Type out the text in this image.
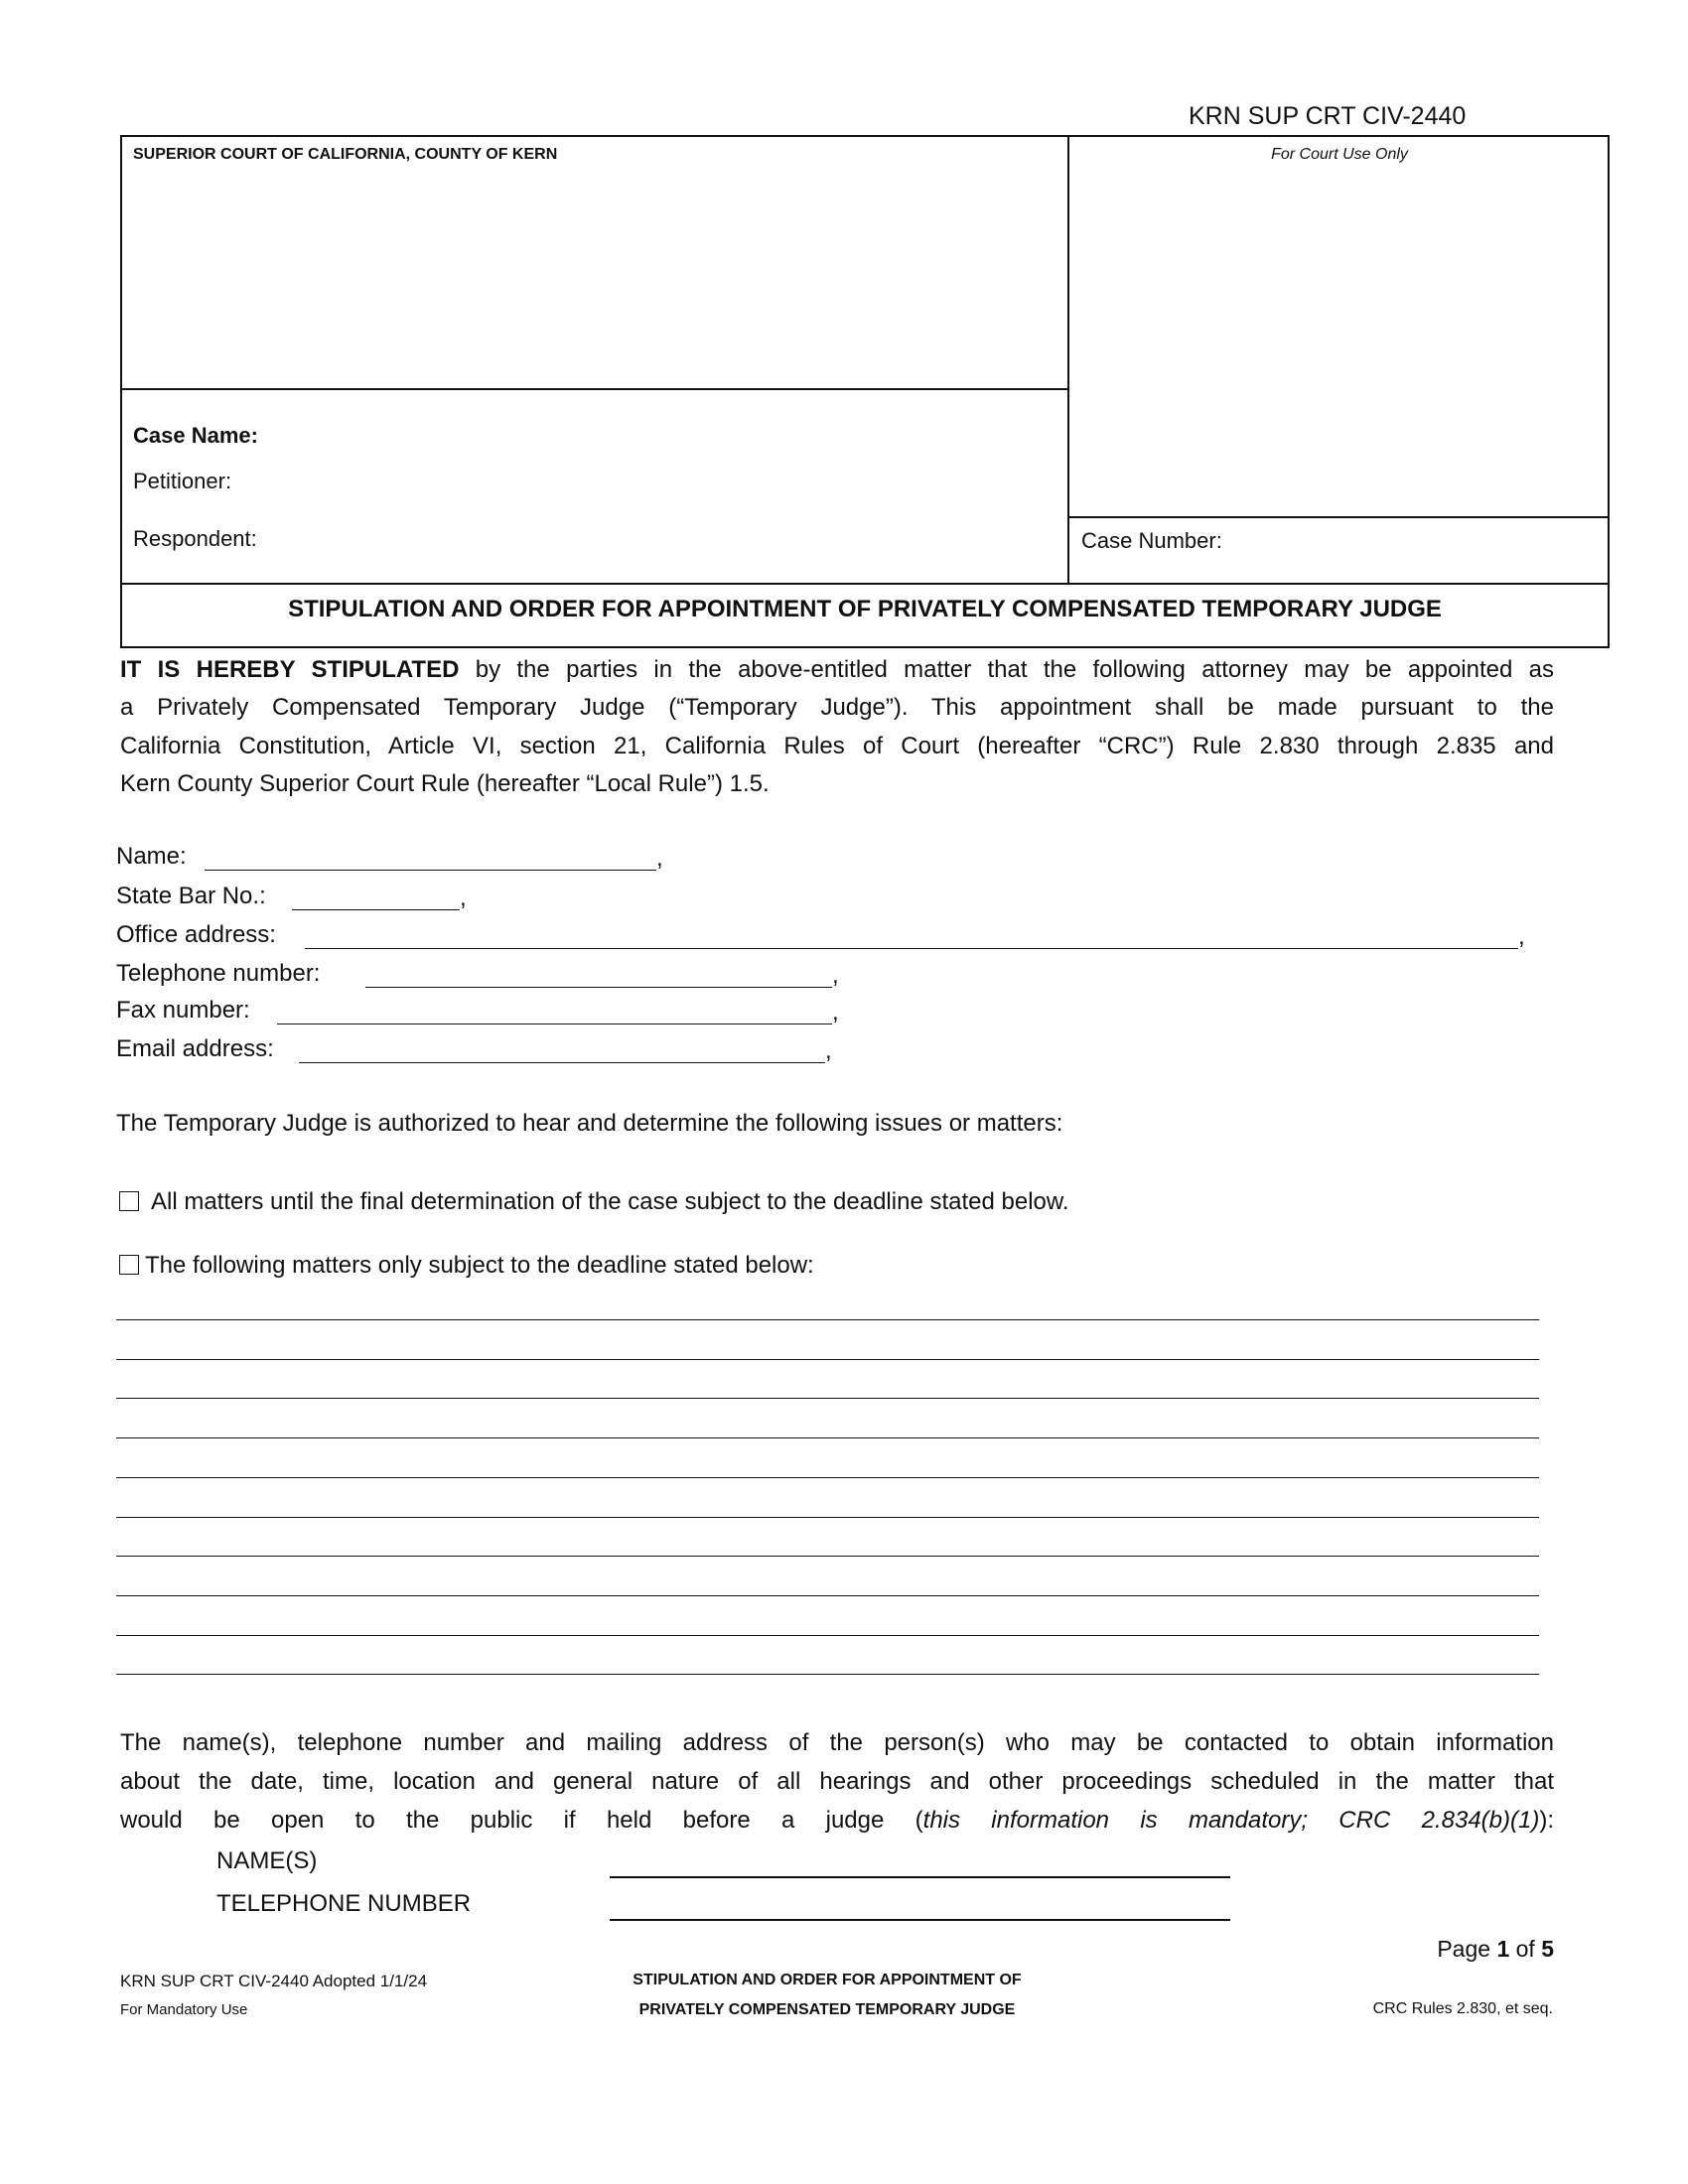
KRN SUP CRT CIV-2440
SUPERIOR COURT OF CALIFORNIA, COUNTY OF KERN	For Court Use Only
Case Name:
Petitioner:
Respondent:	Case Number:
STIPULATION AND ORDER FOR APPOINTMENT OF PRIVATELY COMPENSATED TEMPORARY JUDGE
IT IS HEREBY STIPULATED by the parties in the above-entitled matter that the following attorney may be appointed as
a Privately Compensated Temporary Judge (“Temporary Judge”). This appointment shall be made pursuant to the
California Constitution, Article VI, section 21, California Rules of Court (hereafter “CRC”) Rule 2.830 through 2.835 and
Kern County Superior Court Rule (hereafter “Local Rule”) 1.5.
Name:	,
State Bar No.:	,
Office address:	,
Telephone number:	,
Fax number:	,
Email address:	,
The Temporary Judge is authorized to hear and determine the following issues or matters:
All matters until the final determination of the case subject to the deadline stated below.
The following matters only subject to the deadline stated below:
The name(s), telephone number and mailing address of the person(s) who may be contacted to obtain information
about the date, time, location and general nature of all hearings and other proceedings scheduled in the matter that
would be open to the public if held before a judge (this information is mandatory; CRC 2.834(b)(1)):
NAME(S)
TELEPHONE NUMBER
Page 1 of 5
KRN SUP CRT CIV-2440 Adopted 1/1/24
For Mandatory Use
STIPULATION AND ORDER FOR APPOINTMENT OF
PRIVATELY COMPENSATED TEMPORARY JUDGE	CRC Rules 2.830, et seq.
